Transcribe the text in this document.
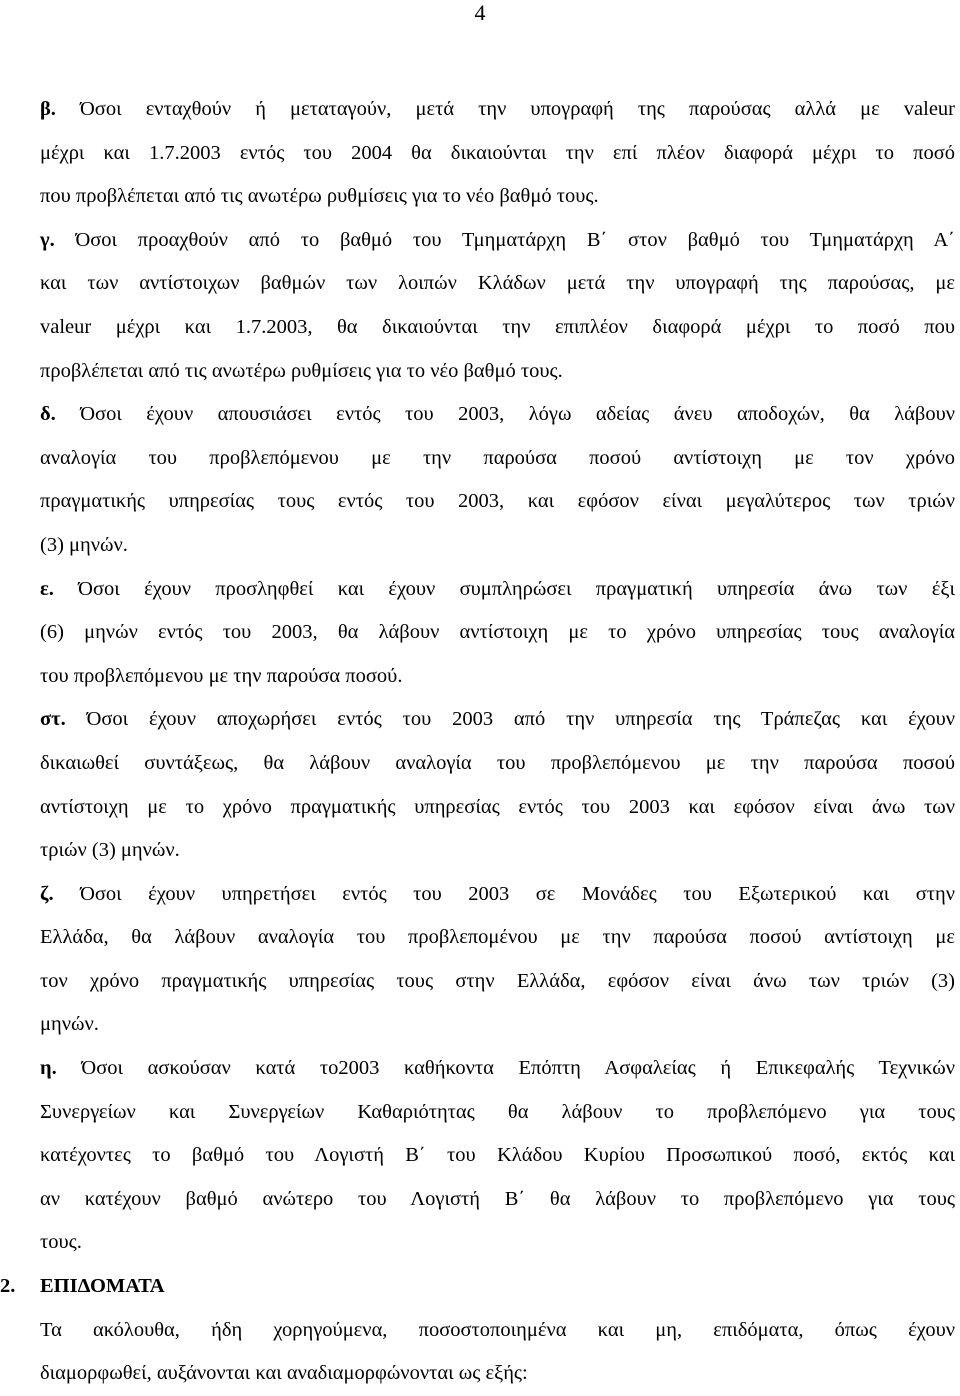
4
β. Όσοι ενταχθούν ή μεταταγούν, μετά την υπογραφή της παρούσας αλλά με valeur
μέχρι και 1.7.2003 εντός του 2004 θα δικαιούνται την επί πλέον διαφορά μέχρι το ποσό
που προβλέπεται από τις ανωτέρω ρυθμίσεις για το νέο βαθμό τους.
γ. Όσοι προαχθούν από το βαθμό του Τμηματάρχη Β΄ στον βαθμό του Τμηματάρχη Α΄
και των αντίστοιχων βαθμών των λοιπών Κλάδων μετά την υπογραφή της παρούσας, με
valeur μέχρι και 1.7.2003, θα δικαιούνται την επιπλέον διαφορά μέχρι το ποσό που
προβλέπεται από τις ανωτέρω ρυθμίσεις για το νέο βαθμό τους.
δ. Όσοι έχουν απουσιάσει εντός του 2003, λόγω αδείας άνευ αποδοχών, θα λάβουν
αναλογία του προβλεπόμενου με την παρούσα ποσού αντίστοιχη με τον χρόνο
πραγματικής υπηρεσίας τους εντός του 2003, και εφόσον είναι μεγαλύτερος των τριών
(3) μηνών.
ε. Όσοι έχουν προσληφθεί και έχουν συμπληρώσει πραγματική υπηρεσία άνω των έξι
(6) μηνών εντός του 2003, θα λάβουν αντίστοιχη με το χρόνο υπηρεσίας τους αναλογία
του προβλεπόμενου με την παρούσα ποσού.
στ. Όσοι έχουν αποχωρήσει εντός του 2003 από την υπηρεσία της Τράπεζας και έχουν
δικαιωθεί συντάξεως, θα λάβουν αναλογία του προβλεπόμενου με την παρούσα ποσού
αντίστοιχη με το χρόνο πραγματικής υπηρεσίας εντός του 2003 και εφόσον είναι άνω των
τριών (3) μηνών.
ζ. Όσοι έχουν υπηρετήσει εντός του 2003 σε Μονάδες του Εξωτερικού και στην
Ελλάδα, θα λάβουν αναλογία του προβλεπομένου με την παρούσα ποσού αντίστοιχη με
τον χρόνο πραγματικής υπηρεσίας τους στην Ελλάδα, εφόσον είναι άνω των τριών (3)
μηνών.
η. Όσοι ασκούσαν κατά το2003 καθήκοντα Επόπτη Ασφαλείας ή Επικεφαλής Τεχνικών
Συνεργείων και Συνεργείων Καθαριότητας θα λάβουν το προβλεπόμενο για τους
κατέχοντες το βαθμό του Λογιστή Β΄ του Κλάδου Κυρίου Προσωπικού ποσό, εκτός και
αν κατέχουν βαθμό ανώτερο του Λογιστή Β΄ θα λάβουν το προβλεπόμενο για τους
τους.
2. ΕΠΙΔΟΜΑΤΑ
Τα ακόλουθα, ήδη χορηγούμενα, ποσοστοποιημένα και μη, επιδόματα, όπως έχουν
διαμορφωθεί, αυξάνονται και αναδιαμορφώνονται ως εξής:
